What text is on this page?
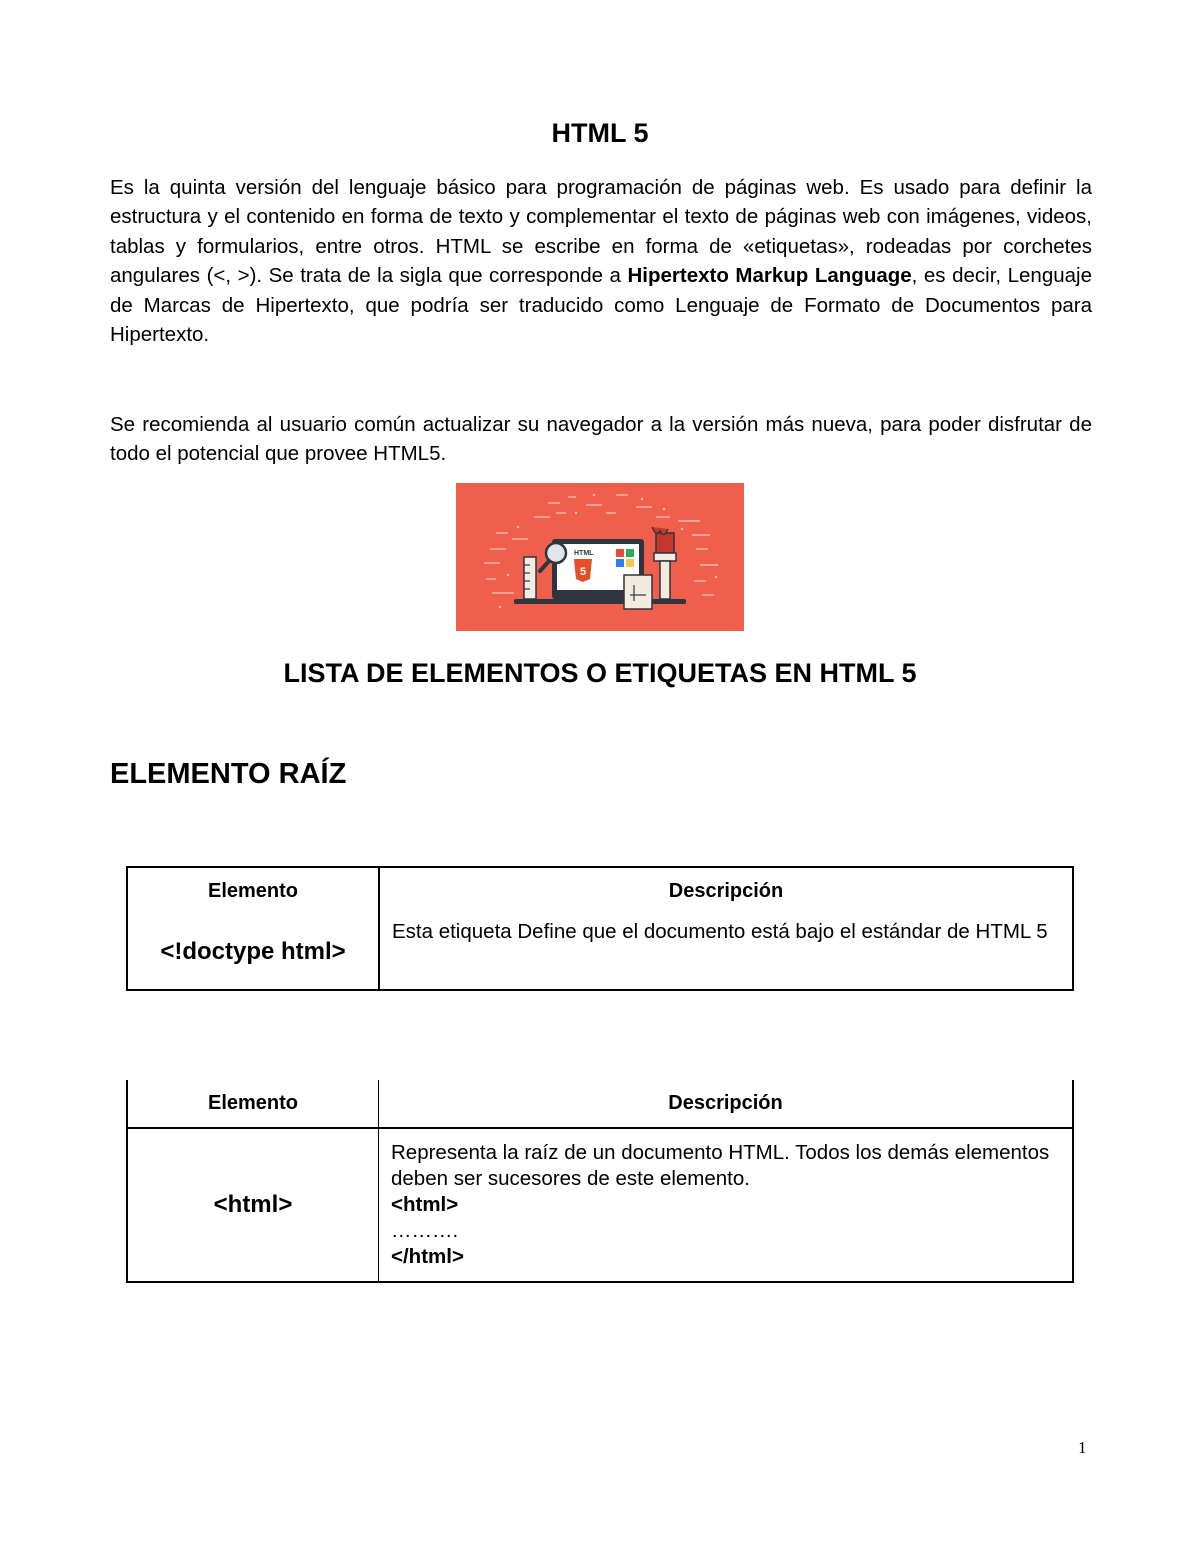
HTML 5

Es la quinta versión del lenguaje básico para programación de páginas web. Es usado para definir la estructura y el contenido en forma de texto y complementar el texto de páginas web con imágenes, videos, tablas y formularios, entre otros. HTML se escribe en forma de «etiquetas», rodeadas por corchetes angulares (<, >). Se trata de la sigla que corresponde a Hipertexto Markup Language, es decir, Lenguaje de Marcas de Hipertexto, que podría ser traducido como Lenguaje de Formato de Documentos para Hipertexto.

Se recomienda al usuario común actualizar su navegador a la versión más nueva, para poder disfrutar de todo el potencial que provee HTML5.

HTML
5
LISTA DE ELEMENTOS O ETIQUETAS EN HTML 5
ELEMENTO RAÍZ
Elemento	Descripción
<!doctype html>	Esta etiqueta Define que el documento está bajo el estándar de HTML 5
Elemento	Descripción
<html>	Representa la raíz de un documento HTML. Todos los demás elementos deben ser sucesores de este elemento.
<html>
……….
</html>
1
